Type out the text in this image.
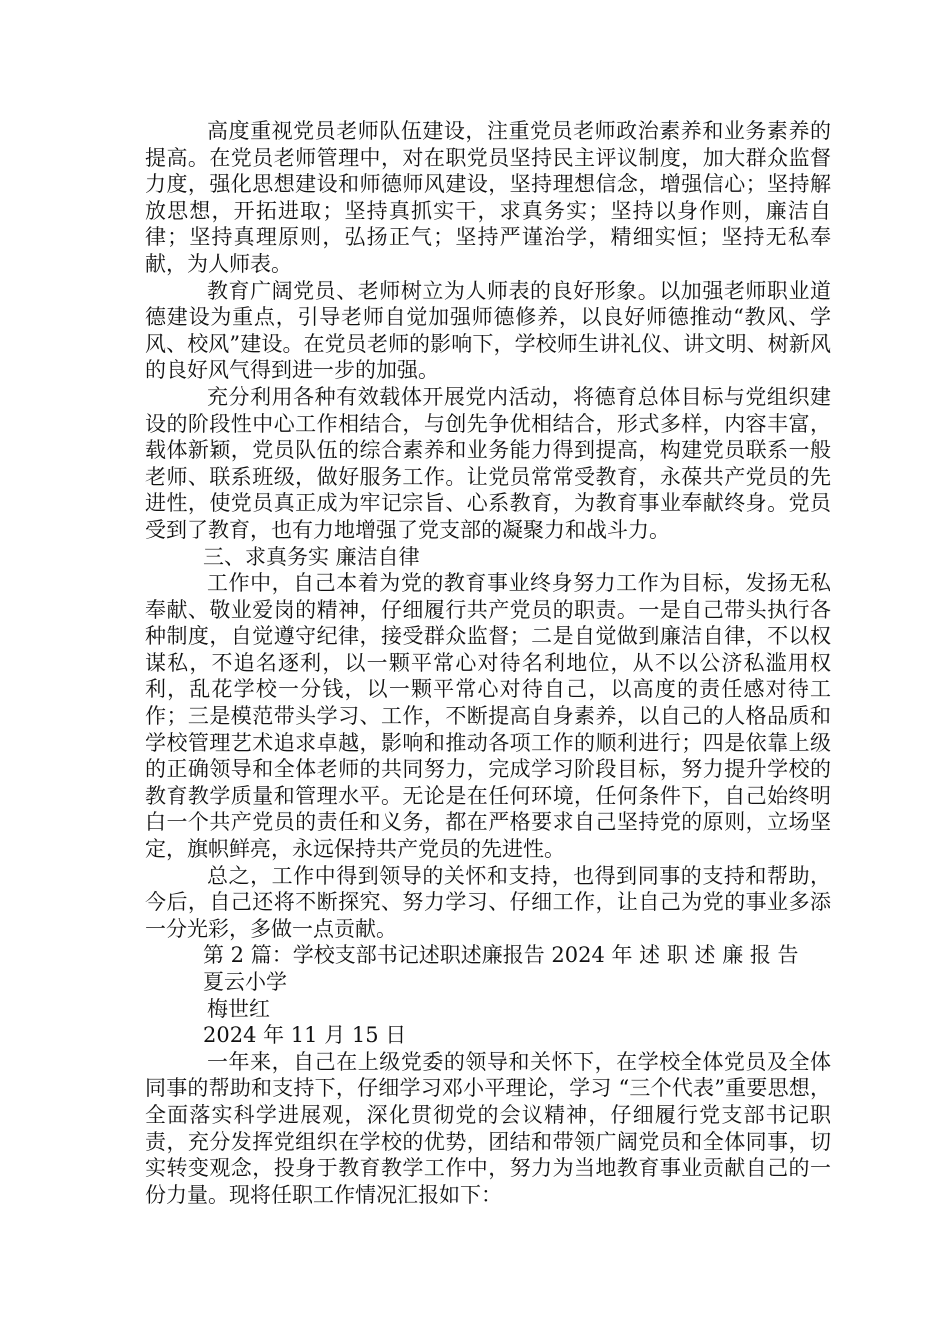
高度重视党员老师队伍建设，注重党员老师政治素养和业务素养的提高。在党员老师管理中，对在职党员坚持民主评议制度，加大群众监督力度，强化思想建设和师德师风建设，坚持理想信念，增强信心；坚持解放思想，开拓进取；坚持真抓实干，求真务实；坚持以身作则，廉洁自律；坚持真理原则，弘扬正气；坚持严谨治学，精细实恒；坚持无私奉献，为人师表。

教育广阔党员、老师树立为人师表的良好形象。以加强老师职业道德建设为重点，引导老师自觉加强师德修养，以良好师德推动“教风、学风、校风”建设。在党员老师的影响下，学校师生讲礼仪、讲文明、树新风的良好风气得到进一步的加强。

充分利用各种有效载体开展党内活动，将德育总体目标与党组织建设的阶段性中心工作相结合，与创先争优相结合，形式多样，内容丰富，载体新颖，党员队伍的综合素养和业务能力得到提高，构建党员联系一般老师、联系班级，做好服务工作。让党员常常受教育，永葆共产党员的先进性，使党员真正成为牢记宗旨、心系教育，为教育事业奉献终身。党员受到了教育，也有力地增强了党支部的凝聚力和战斗力。

三、求真务实 廉洁自律

工作中，自己本着为党的教育事业终身努力工作为目标，发扬无私奉献、敬业爱岗的精神，仔细履行共产党员的职责。一是自己带头执行各种制度，自觉遵守纪律，接受群众监督；二是自觉做到廉洁自律，不以权谋私，不追名逐利，以一颗平常心对待名利地位，从不以公济私滥用权利，乱花学校一分钱，以一颗平常心对待自己，以高度的责任感对待工作；三是模范带头学习、工作，不断提高自身素养，以自己的人格品质和学校管理艺术追求卓越，影响和推动各项工作的顺利进行；四是依靠上级的正确领导和全体老师的共同努力，完成学习阶段目标，努力提升学校的教育教学质量和管理水平。无论是在任何环境，任何条件下，自己始终明白一个共产党员的责任和义务，都在严格要求自己坚持党的原则，立场坚定，旗帜鲜亮，永远保持共产党员的先进性。

总之，工作中得到领导的关怀和支持，也得到同事的支持和帮助，今后，自己还将不断探究、努力学习、仔细工作，让自己为党的事业多添一分光彩，多做一点贡献。

第 2 篇：学校支部书记述职述廉报告 2024 年 述 职 述 廉 报 告

夏云小学

梅世红

2024 年 11 月 15 日

一年来，自己在上级党委的领导和关怀下，在学校全体党员及全体同事的帮助和支持下，仔细学习邓小平理论，学习 “三个代表”重要思想，全面落实科学进展观，深化贯彻党的会议精神，仔细履行党支部书记职责，充分发挥党组织在学校的优势，团结和带领广阔党员和全体同事，切实转变观念，投身于教育教学工作中，努力为当地教育事业贡献自己的一份力量。现将任职工作情况汇报如下：
